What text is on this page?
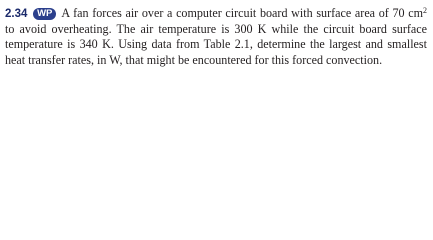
2.34 WP A fan forces air over a computer circuit board with surface area of 70 $cm^2$ to avoid overheating. The air temperature is 300 K while the circuit board surface temperature is 340 K. Using data from Table 2.1, determine the largest and smallest heat transfer rates, in W, that might be encountered for this forced convection.
